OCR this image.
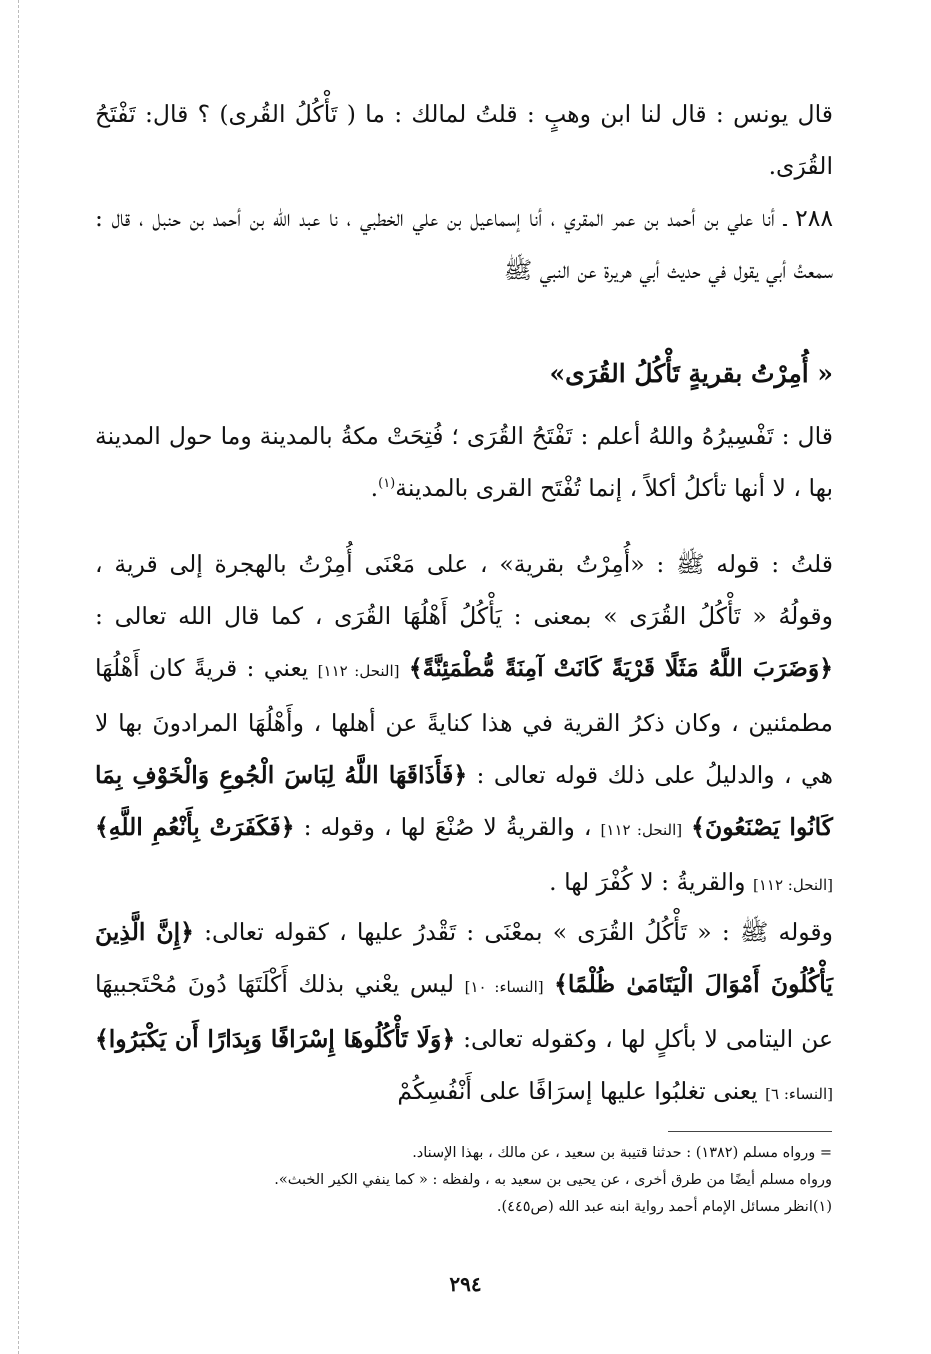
قال يونس : قال لنا ابن وهبٍ : قلتُ لمالك : ما ( تَأْكُلُ القُرى) ؟ قال: تَفْتَحُ القُرَى.

٢٨٨ ـ أنا علي بن أحمد بن عمر المقري ، أنا إسماعيل بن علي الخطبي ، نا عبد الله بن أحمد بن حنبل ، قال : سمعتُ أبي يقول في حديث أبي هريرة عن النبي ﷺ

« أُمِرْتُ بقريةٍ تَأْكُلُ القُرَى»

قال : تَفْسِيرُهُ واللهُ أعلم : تَفْتَحُ القُرَى ؛ فُتِحَتْ مكةُ بالمدينة وما حول المدينة بها ، لا أنها تأكلُ أكلاً ، إنما تُفْتَح القرى بالمدينة$^{(١)}$.

قلتُ : قوله ﷺ : «أُمِرْتُ بقرية» ، على مَعْنَى أُمِرْتُ بالهجرة إلى قرية ، وقولُهُ « تَأْكُلُ القُرَى » بمعنى : يَأْكُلُ أَهْلُهَا القُرَى ، كما قال الله تعالى : ﴿وَضَرَبَ اللَّهُ مَثَلًا قَرْيَةً كَانَتْ آمِنَةً مُّطْمَئِنَّةً﴾ [النحل: ١١٢] يعني : قريةً كان أَهْلُهَا مطمئنين ، وكان ذكرُ القرية في هذا كنايةً عن أهلها ، وأَهْلُهَا المرادونَ بها لا هي ، والدليلُ على ذلك قوله تعالى : ﴿فَأَذَاقَهَا اللَّهُ لِبَاسَ الْجُوعِ وَالْخَوْفِ بِمَا كَانُوا يَصْنَعُونَ﴾ [النحل: ١١٢] ، والقريةُ لا صُنْعَ لها ، وقوله : ﴿فَكَفَرَتْ بِأَنْعُمِ اللَّهِ﴾ [النحل: ١١٢] والقريةُ : لا كُفْرَ لها .

وقوله ﷺ : « تَأْكُلُ القُرَى » بمعْنَى : تَقْدرُ عليها ، كقوله تعالى: ﴿إِنَّ الَّذِينَ يَأْكُلُونَ أَمْوَالَ الْيَتَامَىٰ ظُلْمًا﴾ [النساء: ١٠] ليس يعْني بذلك أَكْلَتَهَا دُونَ مُحْتَجبيهَا عن اليتامى لا بأكلٍ لها ، وكقوله تعالى: ﴿وَلَا تَأْكُلُوهَا إِسْرَافًا وَبِدَارًا أَن يَكْبَرُوا﴾ [النساء: ٦] يعنى تغلبُوا عليها إسرَافًا على أَنْفُسِكُمْ

= ورواه مسلم (١٣٨٢) : حدثنا قتيبة بن سعيد ، عن مالك ، بهذا الإسناد.
ورواه مسلم أيضًا من طرق أخرى ، عن يحيى بن سعيد به ، ولفظه : « كما ينفي الكير الخبث».
(١)انظر مسائل الإمام أحمد رواية ابنه عبد الله (ص٤٤٥).
٢٩٤
